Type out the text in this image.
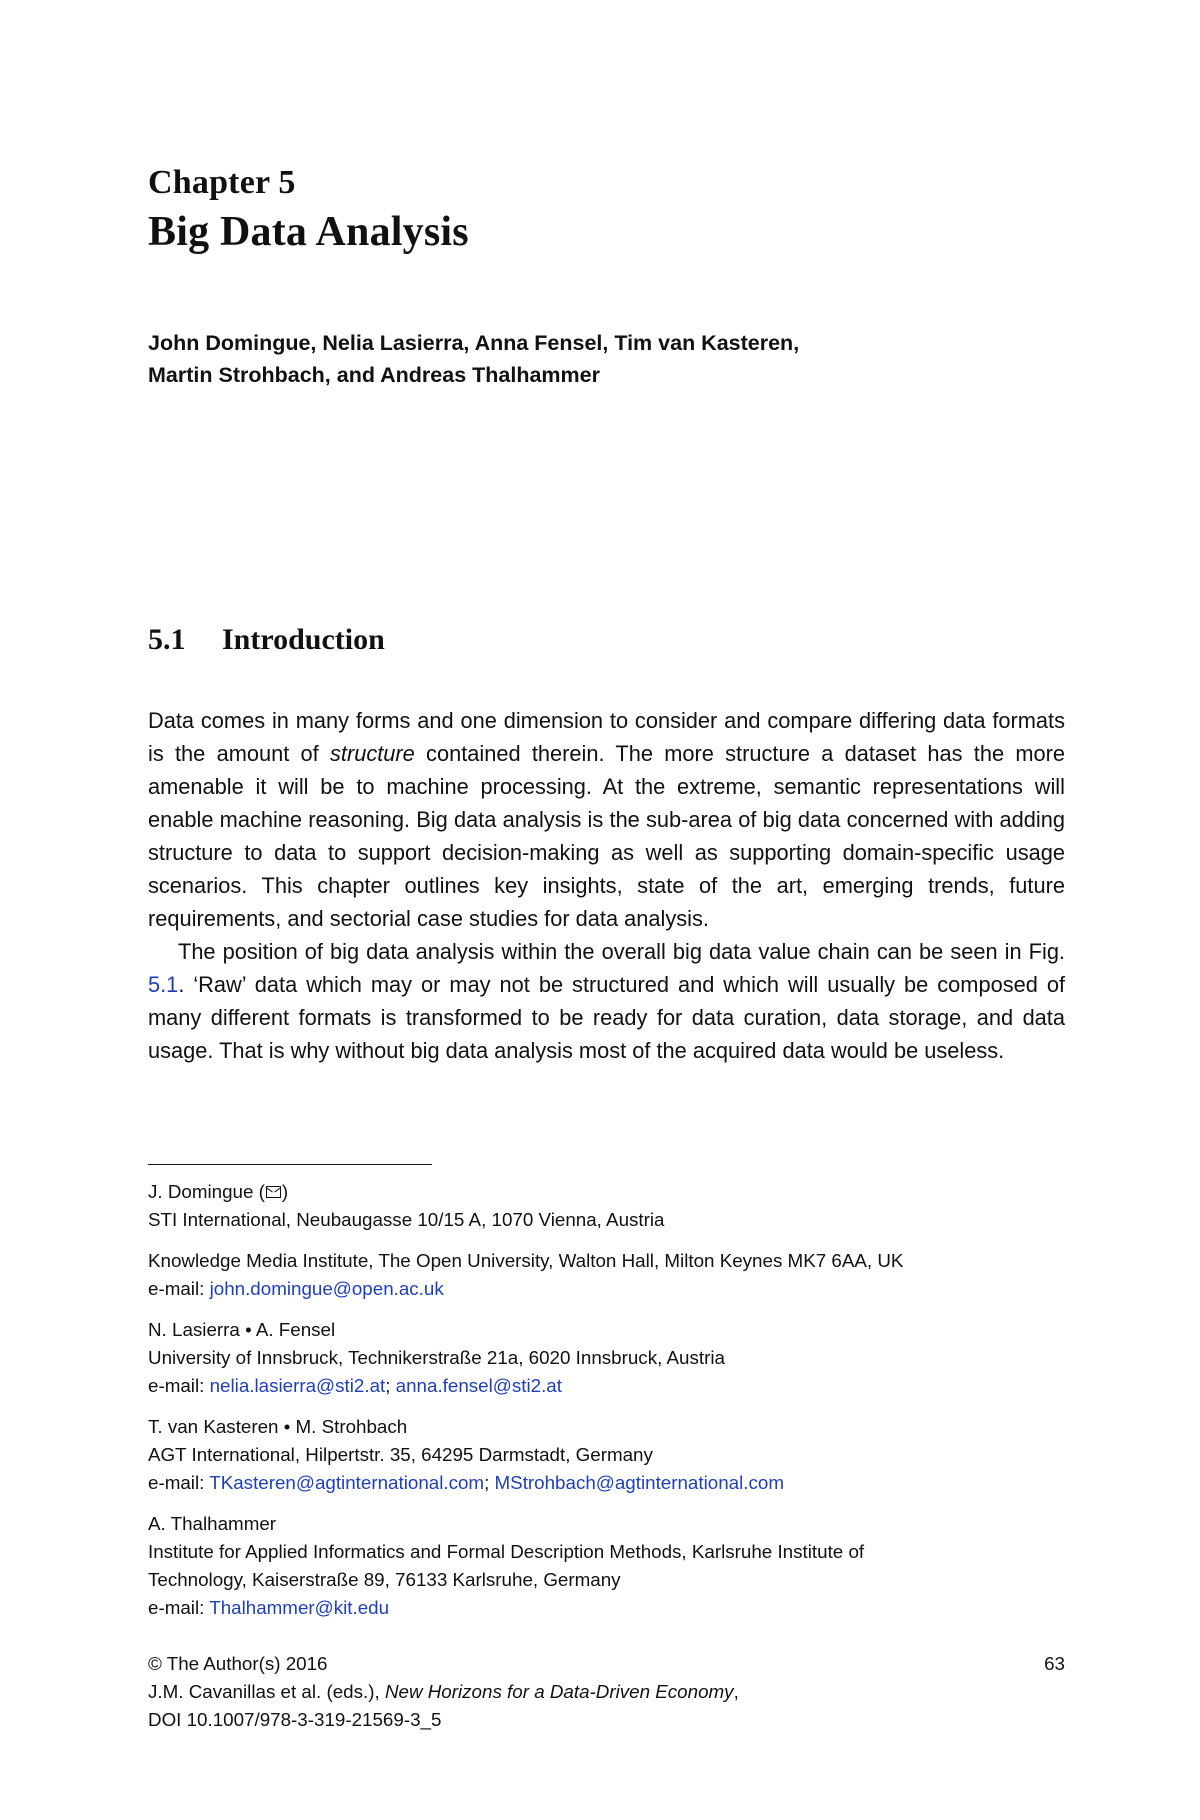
Chapter 5
Big Data Analysis
John Domingue, Nelia Lasierra, Anna Fensel, Tim van Kasteren,
Martin Strohbach, and Andreas Thalhammer
5.1 Introduction

Data comes in many forms and one dimension to consider and compare differing data formats is the amount of structure contained therein. The more structure a dataset has the more amenable it will be to machine processing. At the extreme, semantic representations will enable machine reasoning. Big data analysis is the sub-area of big data concerned with adding structure to data to support decision-making as well as supporting domain-specific usage scenarios. This chapter outlines key insights, state of the art, emerging trends, future requirements, and sectorial case studies for data analysis.

The position of big data analysis within the overall big data value chain can be seen in Fig. 5.1. ‘Raw’ data which may or may not be structured and which will usually be composed of many different formats is transformed to be ready for data curation, data storage, and data usage. That is why without big data analysis most of the acquired data would be useless.

J. Domingue ( )
STI International, Neubaugasse 10/15 A, 1070 Vienna, Austria
Knowledge Media Institute, The Open University, Walton Hall, Milton Keynes MK7 6AA, UK
e-mail: john.domingue@open.ac.uk
N. Lasierra • A. Fensel
University of Innsbruck, Technikerstraße 21a, 6020 Innsbruck, Austria
e-mail: nelia.lasierra@sti2.at; anna.fensel@sti2.at
T. van Kasteren • M. Strohbach
AGT International, Hilpertstr. 35, 64295 Darmstadt, Germany
e-mail: TKasteren@agtinternational.com; MStrohbach@agtinternational.com
A. Thalhammer
Institute for Applied Informatics and Formal Description Methods, Karlsruhe Institute of
Technology, Kaiserstraße 89, 76133 Karlsruhe, Germany
e-mail: Thalhammer@kit.edu
63
© The Author(s) 2016
J.M. Cavanillas et al. (eds.), New Horizons for a Data-Driven Economy,
DOI 10.1007/978-3-319-21569-3_5
